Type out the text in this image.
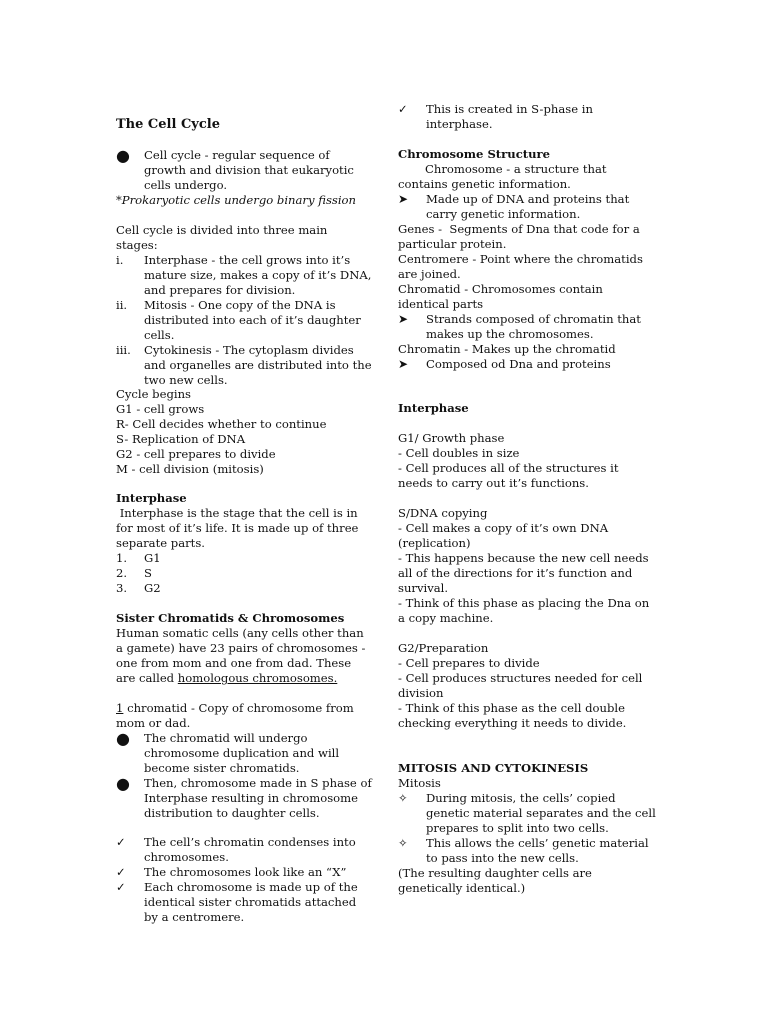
The Cell Cycle
●	Cell cycle - regular sequence of growth and division that eukaryotic cells undergo.
*Prokaryotic cells undergo binary fission
Cell cycle is divided into three main stages:
i.	Interphase - the cell grows into it’s mature size, makes a copy of it’s DNA, and prepares for division.
ii.	Mitosis - One copy of the DNA is distributed into each of it’s daughter cells.
iii.	Cytokinesis - The cytoplasm divides and organelles are distributed into the two new cells.
Cycle begins
G1 - cell grows
R- Cell decides whether to continue
S- Replication of DNA
G2 - cell prepares to divide
M - cell division (mitosis)
Interphase
Interphase is the stage that the cell is in for most of it’s life. It is made up of three separate parts.
1.	G1
2.	S
3.	G2
Sister Chromatids & Chromosomes
Human somatic cells (any cells other than a gamete) have 23 pairs of chromosomes - one from mom and one from dad. These are called homologous chromosomes.
1 chromatid - Copy of chromosome from mom or dad.
●	The chromatid will undergo chromosome duplication and will become sister chromatids.
●	Then, chromosome made in S phase of Interphase resulting in chromosome distribution to daughter cells.
✓	The cell’s chromatin condenses into chromosomes.
✓	The chromosomes look like an “X”
✓	Each chromosome is made up of the identical sister chromatids attached by a centromere.
✓	This is created in S-phase in interphase.
Chromosome Structure
Chromosome - a structure that contains genetic information.
➤	Made up of DNA and proteins that carry genetic information.
Genes -  Segments of Dna that code for a particular protein.
Centromere - Point where the chromatids are joined.
Chromatid - Chromosomes contain identical parts
➤	Strands composed of chromatin that makes up the chromosomes.
Chromatin - Makes up the chromatid
➤	Composed od Dna and proteins
Interphase
G1/ Growth phase
- Cell doubles in size
- Cell produces all of the structures it needs to carry out it’s functions.
S/DNA copying
- Cell makes a copy of it’s own DNA (replication)
- This happens because the new cell needs all of the directions for it’s function and survival.
- Think of this phase as placing the Dna on a copy machine.
G2/Preparation
- Cell prepares to divide
- Cell produces structures needed for cell division
- Think of this phase as the cell double checking everything it needs to divide.
MITOSIS AND CYTOKINESIS
Mitosis
✧	During mitosis, the cells’ copied genetic material separates and the cell prepares to split into two cells.
✧	This allows the cells’ genetic material to pass into the new cells.
(The resulting daughter cells are genetically identical.)
